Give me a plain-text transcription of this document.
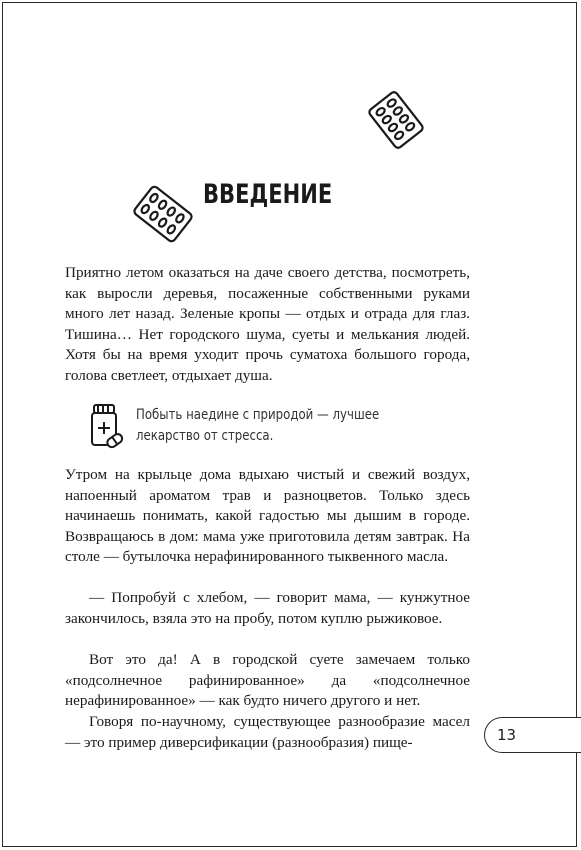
ВВЕДЕНИЕ

Приятно летом оказаться на даче своего детства, посмотреть, как выросли деревья, посаженные собственными руками много лет назад. Зеленые кропы — отдых и отрада для глаз. Тишина… Нет городского шума, суеты и мелькания людей. Хотя бы на время уходит прочь суматоха большого города, голова светлеет, отдыхает душа.

Побыть наедине с природой — лучшее лекарство от стресса.

Утром на крыльце дома вдыхаю чистый и свежий воздух, напоенный ароматом трав и разноцветов. Только здесь начинаешь понимать, какой гадостью мы дышим в городе. Возвращаюсь в дом: мама уже приготовила детям завтрак. На столе — бутылочка нерафинированного тыквенного масла.

— Попробуй с хлебом, — говорит мама, — кунжутное закончилось, взяла это на пробу, потом куплю рыжиковое.

Вот это да! А в городской суете замечаем только «подсолнечное рафинированное» да «подсолнечное нерафинированное» — как будто ничего другого и нет.

Говоря по-научному, существующее разнообразие масел — это пример диверсификации (разнообразия) пище-	13
